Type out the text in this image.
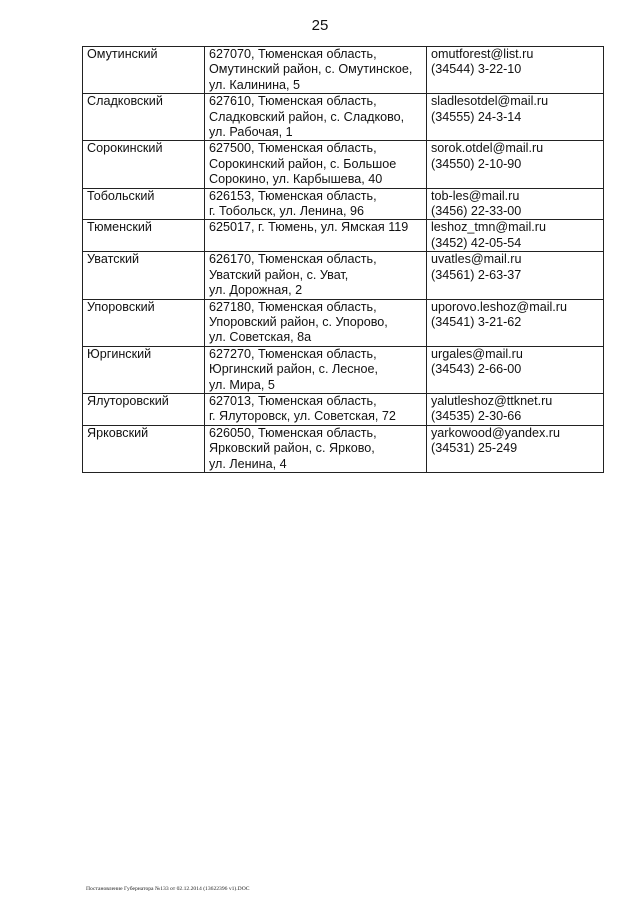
25
Омутинский	627070, Тюменская область,
Омутинский район, с. Омутинское,
ул. Калинина, 5	omutforest@list.ru
(34544) 3-22-10

Сладковский	627610, Тюменская область,
Сладковский район, с. Сладково,
ул. Рабочая, 1	sladlesotdel@mail.ru
(34555) 24-3-14

Сорокинский	627500, Тюменская область,
Сорокинский район, с. Большое
Сорокино, ул. Карбышева, 40	sorok.otdel@mail.ru
(34550) 2-10-90

Тобольский	626153, Тюменская область,
г. Тобольск, ул. Ленина, 96	tob-les@mail.ru
(3456) 22-33-00

Тюменский	625017, г. Тюмень, ул. Ямская 119	leshoz_tmn@mail.ru
(3452) 42-05-54

Уватский	626170, Тюменская область,
Уватский район, с. Уват,
ул. Дорожная, 2	uvatles@mail.ru
(34561) 2-63-37

Упоровский	627180, Тюменская область,
Упоровский район, с. Упорово,
ул. Советская, 8а	uporovo.leshoz@mail.ru
(34541) 3-21-62

Юргинский	627270, Тюменская область,
Юргинский район, с. Лесное,
ул. Мира, 5	urgales@mail.ru
(34543) 2-66-00

Ялуторовский	627013, Тюменская область,
г. Ялуторовск, ул. Советская, 72	yalutleshoz@ttknet.ru
(34535) 2-30-66

Ярковский	626050, Тюменская область,
Ярковский район, с. Ярково,
ул. Ленина, 4	yarkowood@yandex.ru
(34531) 25-249
Постановление Губернатора №133 от 02.12.2014 (13622396 v1).DOC
